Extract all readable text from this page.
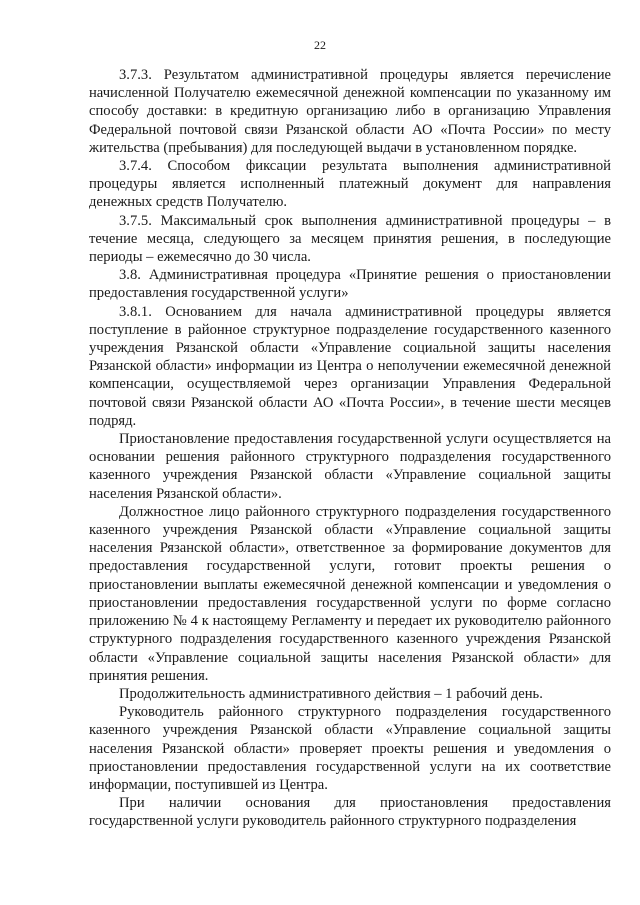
22

3.7.3. Результатом административной процедуры является перечисление начисленной Получателю ежемесячной денежной компенсации по указанному им способу доставки: в кредитную организацию либо в организацию Управления Федеральной почтовой связи Рязанской области АО «Почта России» по месту жительства (пребывания) для последующей выдачи в установленном порядке.

3.7.4. Способом фиксации результата выполнения административной процедуры является исполненный платежный документ для направления денежных средств Получателю.

3.7.5. Максимальный срок выполнения административной процедуры – в течение месяца, следующего за месяцем принятия решения, в последующие периоды – ежемесячно до 30 числа.

3.8. Административная процедура «Принятие решения о приостановлении предоставления государственной услуги»

3.8.1. Основанием для начала административной процедуры является поступление в районное структурное подразделение государственного казенного учреждения Рязанской области «Управление социальной защиты населения Рязанской области» информации из Центра о неполучении ежемесячной денежной компенсации, осуществляемой через организации Управления Федеральной почтовой связи Рязанской области АО «Почта России», в течение шести месяцев подряд.

Приостановление предоставления государственной услуги осуществляется на основании решения районного структурного подразделения государственного казенного учреждения Рязанской области «Управление социальной защиты населения Рязанской области».

Должностное лицо районного структурного подразделения государственного казенного учреждения Рязанской области «Управление социальной защиты населения Рязанской области», ответственное за формирование документов для предоставления государственной услуги, готовит проекты решения о приостановлении выплаты ежемесячной денежной компенсации и уведомления о приостановлении предоставления государственной услуги по форме согласно приложению № 4 к настоящему Регламенту и передает их руководителю районного структурного подразделения государственного казенного учреждения Рязанской области «Управление социальной защиты населения Рязанской области» для принятия решения.

Продолжительность административного действия – 1 рабочий день.

Руководитель районного структурного подразделения государственного казенного учреждения Рязанской области «Управление социальной защиты населения Рязанской области» проверяет проекты решения и уведомления о приостановлении предоставления государственной услуги на их соответствие информации, поступившей из Центра.

При наличии основания для приостановления предоставления государственной услуги руководитель районного структурного подразделения
